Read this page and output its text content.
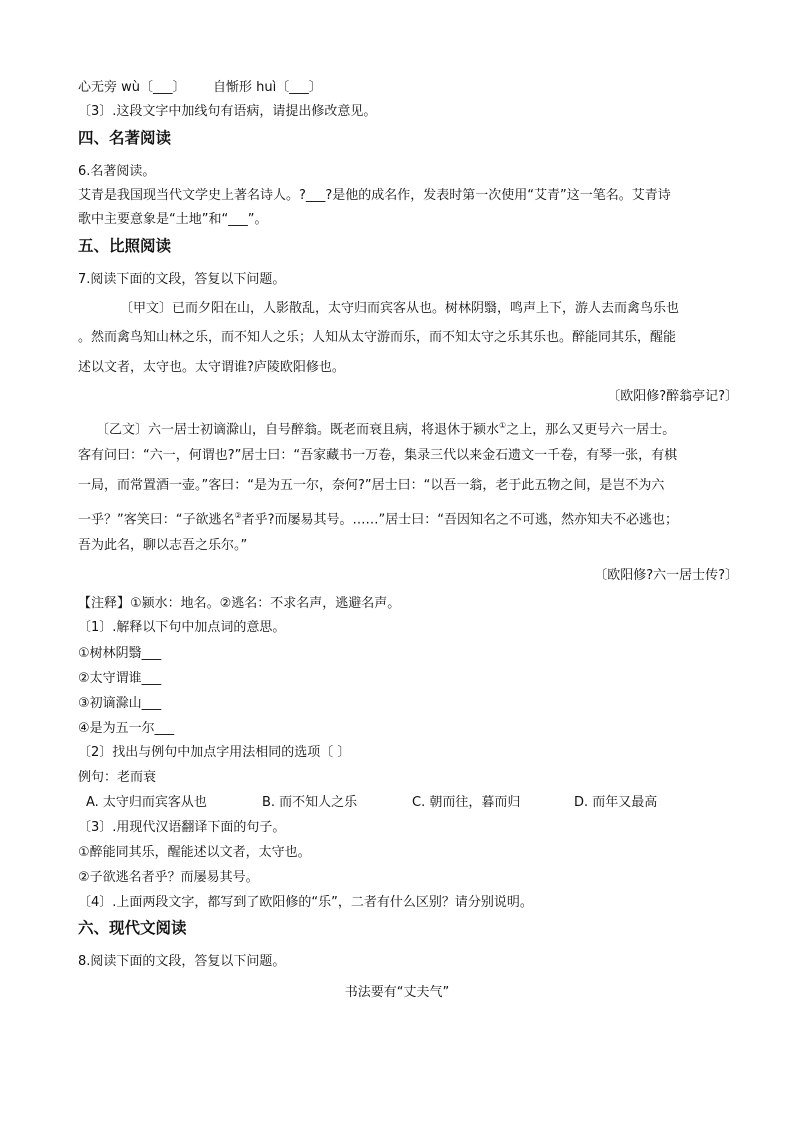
心无旁 wù〔___〕 自惭形 huì〔___〕
〔3〕.这段文字中加线句有语病，请提出修改意见。
四、名著阅读
6.名著阅读。
艾青是我国现当代文学史上著名诗人。?___?是他的成名作，发表时第一次使用“艾青”这一笔名。艾青诗
歌中主要意象是“土地”和“___”。
五、比照阅读
7.阅读下面的文段，答复以下问题。
〔甲文〕已而夕阳在山，人影散乱，太守归而宾客从也。树林阴翳，鸣声上下，游人去而禽鸟乐也
。然而禽鸟知山林之乐，而不知人之乐；人知从太守游而乐，而不知太守之乐其乐也。醉能同其乐，醒能
述以文者，太守也。太守谓谁?庐陵欧阳修也。
〔欧阳修?醉翁亭记?〕
〔乙文〕六一居士初谪滁山，自号醉翁。既老而衰且病，将退休于颍水①之上，那么又更号六一居士。
客有问曰：“六一，何谓也?”居士曰：“吾家藏书一万卷，集录三代以来金石遗文一千卷，有琴一张，有棋
一局，而常置酒一壶。”客曰：“是为五一尔，奈何?”居士曰：“以吾一翁，老于此五物之间，是岂不为六
一乎？”客笑曰：“子欲逃名②者乎?而屡易其号。……”居士曰：“吾因知名之不可逃，然亦知夫不必逃也；
吾为此名，聊以志吾之乐尔。”
〔欧阳修?六一居士传?〕
【注释】①颍水：地名。②逃名：不求名声，逃避名声。
〔1〕.解释以下句中加点词的意思。
①树林阴翳___
②太守谓谁___
③初谪滁山___
④是为五一尔___
〔2〕找出与例句中加点字用法相同的选项〔 〕
例句：老而衰
A. 太守归而宾客从也	B. 而不知人之乐	C. 朝而往，暮而归	D. 而年又最高
〔3〕.用现代汉语翻译下面的句子。
①醉能同其乐，醒能述以文者，太守也。
②子欲逃名者乎？而屡易其号。
〔4〕.上面两段文字，都写到了欧阳修的“乐”，二者有什么区别？请分别说明。
六、现代文阅读
8.阅读下面的文段，答复以下问题。
书法要有“丈夫气”
